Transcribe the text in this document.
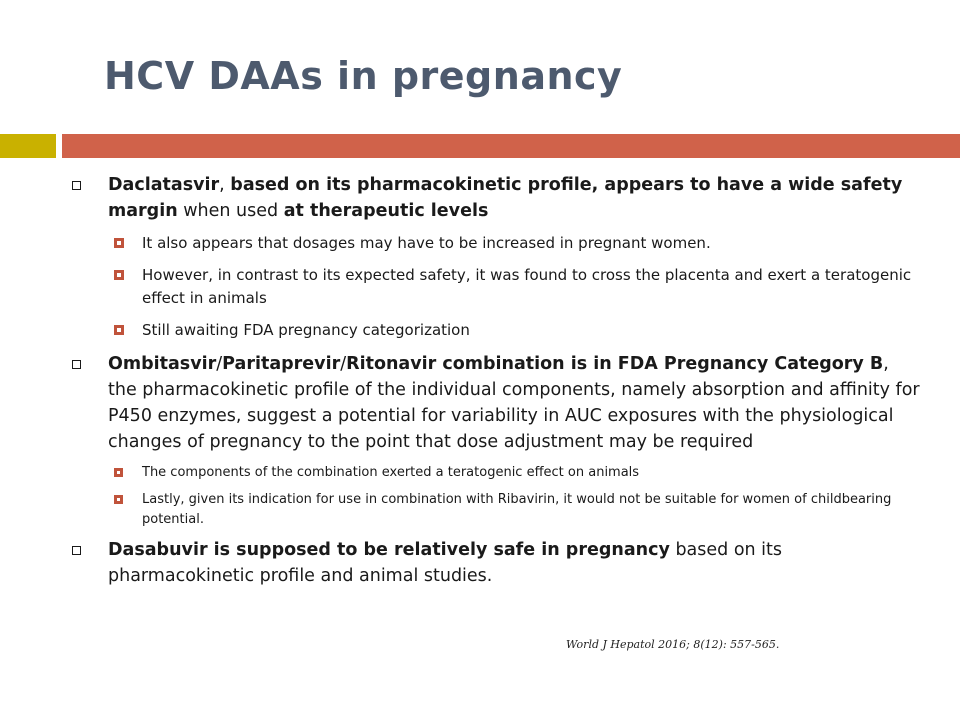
HCV DAAs in pregnancy
Daclatasvir, based on its pharmacokinetic profile, appears to have a wide safety margin when used at therapeutic levels
It also appears that dosages may have to be increased in pregnant women.
However, in contrast to its expected safety, it was found to cross the placenta and exert a teratogenic effect in animals
Still awaiting FDA pregnancy categorization
Ombitasvir/Paritaprevir/Ritonavir combination is in FDA Pregnancy Category B, the pharmacokinetic profile of the individual components, namely absorption and affinity for P450 enzymes, suggest a potential for variability in AUC exposures with the physiological changes of pregnancy to the point that dose adjustment may be required
The components of the combination exerted a teratogenic effect on animals
Lastly, given its indication for use in combination with Ribavirin, it would not be suitable for women of childbearing potential.
Dasabuvir is supposed to be relatively safe in pregnancy based on its pharmacokinetic profile and animal studies.
World J Hepatol 2016; 8(12): 557-565.
